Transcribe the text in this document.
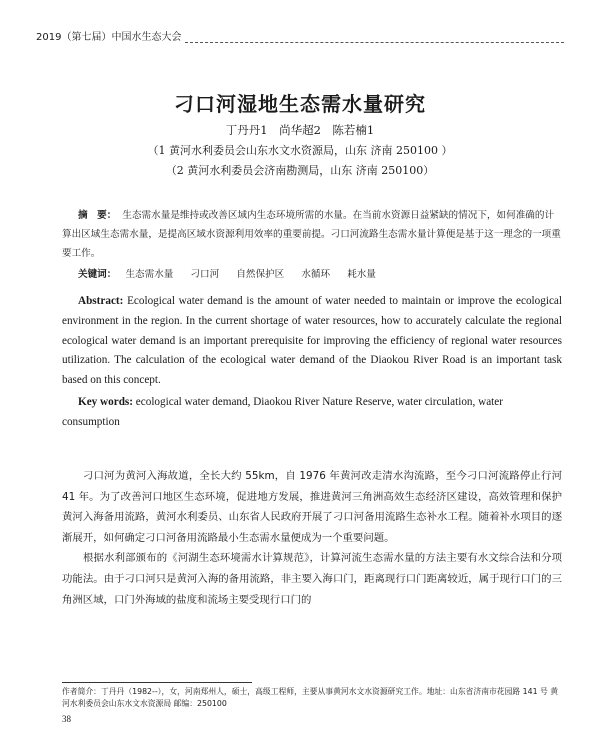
2019（第七届）中国水生态大会
刁口河湿地生态需水量研究
丁丹丹1　尚华超2　陈若楠1
（1 黄河水利委员会山东水文水资源局，山东 济南 250100 ）
（2 黄河水利委员会济南勘测局，山东 济南 250100）
摘　要： 生态需水量是维持或改善区域内生态环境所需的水量。在当前水资源日益紧缺的情况下，如何准确的计算出区域生态需水量，是提高区域水资源利用效率的重要前提。刁口河流路生态需水量计算便是基于这一理念的一项重要工作。
关键词： 生态需水量 刁口河 自然保护区 水循环 耗水量
Abstract: Ecological water demand is the amount of water needed to maintain or improve the ecological environment in the region. In the current shortage of water resources, how to accurately calculate the regional ecological water demand is an important prerequisite for improving the efficiency of regional water resources utilization. The calculation of the ecological water demand of the Diaokou River Road is an important task based on this concept.
Key words: ecological water demand, Diaokou River Nature Reserve, water circulation, water consumption

刁口河为黄河入海故道，全长大约 55km，自 1976 年黄河改走清水沟流路，至今刁口河流路停止行河 41 年。为了改善河口地区生态环境，促进地方发展，推进黄河三角洲高效生态经济区建设，高效管理和保护黄河入海备用流路，黄河水利委员、山东省人民政府开展了刁口河备用流路生态补水工程。随着补水项目的逐渐展开，如何确定刁口河备用流路最小生态需水量便成为一个重要问题。

根据水利部颁布的《河湖生态环境需水计算规范》，计算河流生态需水量的方法主要有水文综合法和分项功能法。由于刁口河只是黄河入海的备用流路，非主要入海口门，距离现行口门距离较近，属于现行口门的三角洲区域，口门外海域的盐度和流场主要受现行口门的

作者简介：丁丹丹（1982--），女，河南郑州人，硕士，高级工程师，主要从事黄河水文水资源研究工作。地址：山东省济南市花园路 141 号 黄河水利委员会山东水文水资源局 邮编：250100
38
